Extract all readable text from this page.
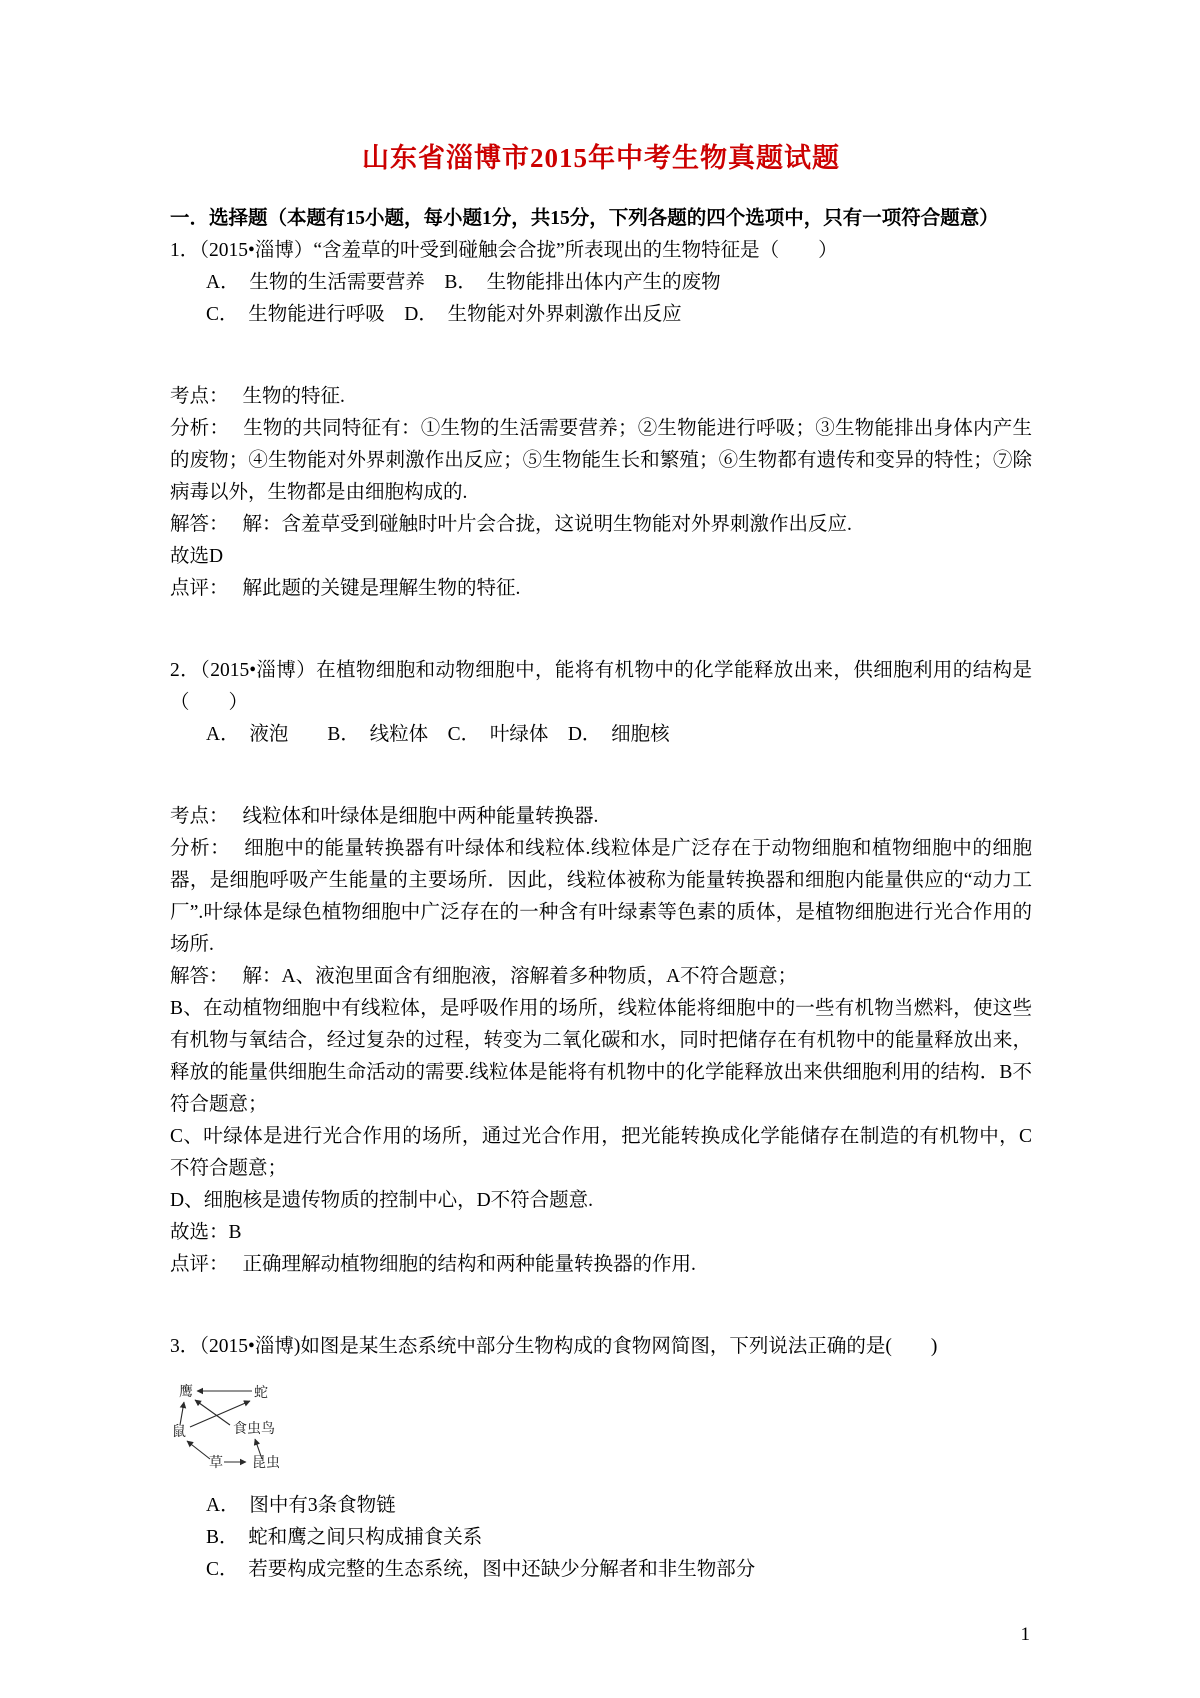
山东省淄博市2015年中考生物真题试题

一．选择题（本题有15小题，每小题1分，共15分，下列各题的四个选项中，只有一项符合题意）

1．（2015•淄博）“含羞草的叶受到碰触会合拢”所表现出的生物特征是（　　）

A．　生物的生活需要营养　B．　生物能排出体内产生的废物

C．　生物能进行呼吸　D．　生物能对外界刺激作出反应

考点： 生物的特征.

分析： 生物的共同特征有：①生物的生活需要营养；②生物能进行呼吸；③生物能排出身体内产生的废物；④生物能对外界刺激作出反应；⑤生物能生长和繁殖；⑥生物都有遗传和变异的特性；⑦除病毒以外，生物都是由细胞构成的.

解答： 解：含羞草受到碰触时叶片会合拢，这说明生物能对外界刺激作出反应.

故选D

点评： 解此题的关键是理解生物的特征.

2．（2015•淄博）在植物细胞和动物细胞中，能将有机物中的化学能释放出来，供细胞利用的结构是（　　）

A．　液泡　　B．　线粒体　C．　叶绿体　D．　细胞核

考点： 线粒体和叶绿体是细胞中两种能量转换器.

分析： 细胞中的能量转换器有叶绿体和线粒体.线粒体是广泛存在于动物细胞和植物细胞中的细胞器，是细胞呼吸产生能量的主要场所．因此，线粒体被称为能量转换器和细胞内能量供应的“动力工厂”.叶绿体是绿色植物细胞中广泛存在的一种含有叶绿素等色素的质体，是植物细胞进行光合作用的场所.

解答： 解：A、液泡里面含有细胞液，溶解着多种物质，A不符合题意；

B、在动植物细胞中有线粒体，是呼吸作用的场所，线粒体能将细胞中的一些有机物当燃料，使这些有机物与氧结合，经过复杂的过程，转变为二氧化碳和水，同时把储存在有机物中的能量释放出来，释放的能量供细胞生命活动的需要.线粒体是能将有机物中的化学能释放出来供细胞利用的结构．B不符合题意；

C、叶绿体是进行光合作用的场所，通过光合作用，把光能转换成化学能储存在制造的有机物中，C不符合题意；

D、细胞核是遗传物质的控制中心，D不符合题意.

故选：B

点评： 正确理解动植物细胞的结构和两种能量转换器的作用.

3．（2015•淄博)如图是某生态系统中部分生物构成的食物网简图，下列说法正确的是(　　)

鹰	蛇
鼠	食虫鸟
草 昆虫

A．　图中有3条食物链

B．　蛇和鹰之间只构成捕食关系

C．　若要构成完整的生态系统，图中还缺少分解者和非生物部分

1
